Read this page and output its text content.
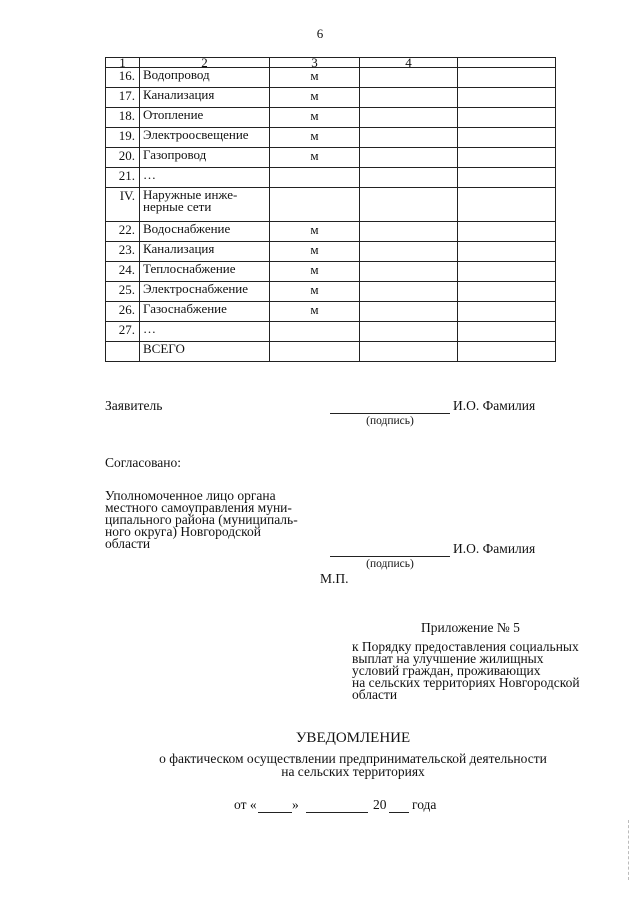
6
1	2	3	4	
16.	Водопровод	м		
17.	Канализация	м		
18.	Отопление	м		
19.	Электроосвещение	м		
20.	Газопровод	м		
21.	…			
IV.	Наружные инже-
нерные сети			
22.	Водоснабжение	м		
23.	Канализация	м		
24.	Теплоснабжение	м		
25.	Электроснабжение	м		
26.	Газоснабжение	м		
27.	…			
	ВСЕГО			
Заявитель	И.О. Фамилия
(подпись)
Согласовано:
Уполномоченное лицо органа
местного самоуправления муни-
ципального района (муниципаль-
ного округа) Новгородской
области	И.О. Фамилия
(подпись)
М.П.
Приложение № 5
к Порядку предоставления социальных
выплат на улучшение жилищных
условий граждан, проживающих
на сельских территориях Новгородской
области
УВЕДОМЛЕНИЕ
о фактическом осуществлении предпринимательской деятельности
на сельских территориях
от «	»	20 года
